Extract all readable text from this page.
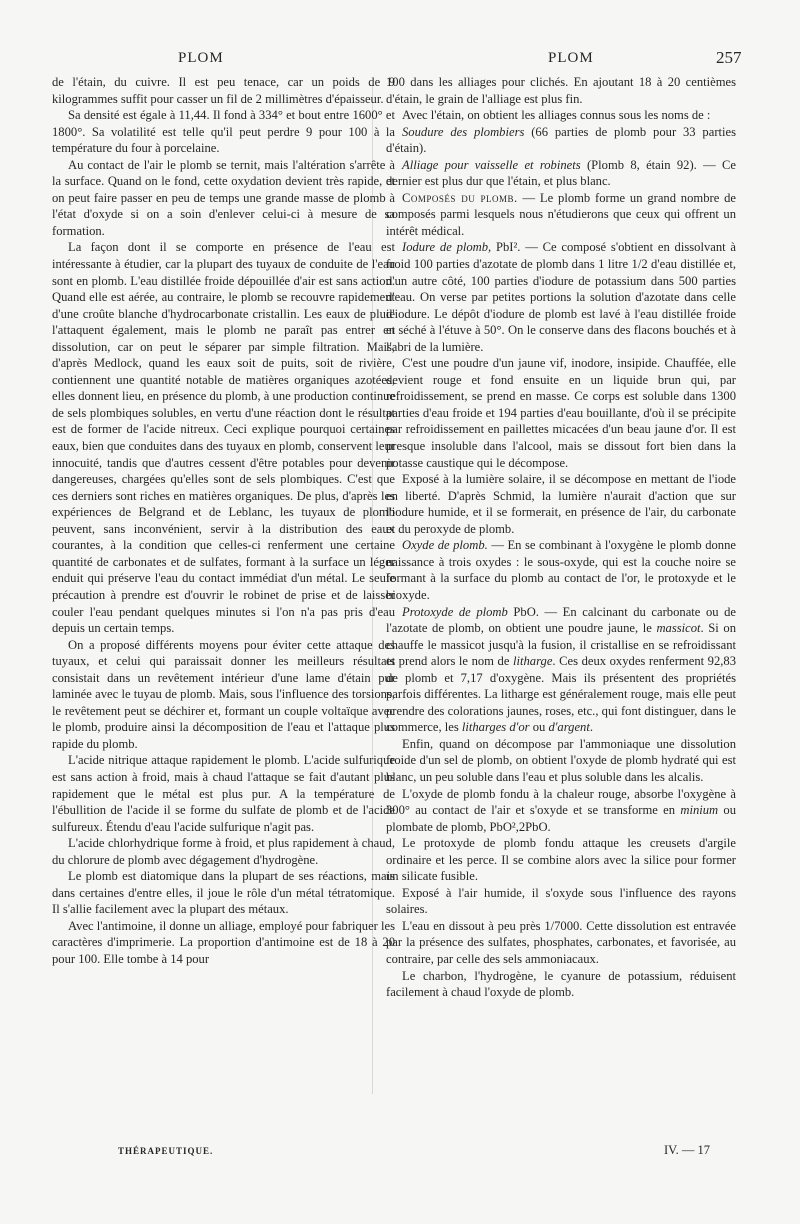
PLOM	PLOM	257

de l'étain, du cuivre. Il est peu tenace, car un poids de 9 kilogrammes suffit pour casser un fil de 2 millimètres d'épaisseur.

Sa densité est égale à 11,44. Il fond à 334° et bout entre 1600° et 1800°. Sa volatilité est telle qu'il peut perdre 9 pour 100 à la température du four à porcelaine.

Au contact de l'air le plomb se ternit, mais l'altération s'arrête à la surface. Quand on le fond, cette oxydation devient très rapide, et on peut faire passer en peu de temps une grande masse de plomb à l'état d'oxyde si on a soin d'enlever celui-ci à mesure de sa formation.

La façon dont il se comporte en présence de l'eau est intéressante à étudier, car la plupart des tuyaux de conduite de l'eau sont en plomb. L'eau distillée froide dépouillée d'air est sans action. Quand elle est aérée, au contraire, le plomb se recouvre rapidement d'une croûte blanche d'hydrocarbonate cristallin. Les eaux de pluie l'attaquent également, mais le plomb ne paraît pas entrer en dissolution, car on peut le séparer par simple filtration. Mais, d'après Medlock, quand les eaux soit de puits, soit de rivière, contiennent une quantité notable de matières organiques azotées, elles donnent lieu, en présence du plomb, à une production continue de sels plombiques solubles, en vertu d'une réaction dont le résultat est de former de l'acide nitreux. Ceci explique pourquoi certaines eaux, bien que conduites dans des tuyaux en plomb, conservent leur innocuité, tandis que d'autres cessent d'être potables pour devenir dangereuses, chargées qu'elles sont de sels plombiques. C'est que ces derniers sont riches en matières organiques. De plus, d'après les expériences de Belgrand et de Leblanc, les tuyaux de plomb peuvent, sans inconvénient, servir à la distribution des eaux courantes, à la condition que celles-ci renferment une certaine quantité de carbonates et de sulfates, formant à la surface un léger enduit qui préserve l'eau du contact immédiat d'un métal. Le seule précaution à prendre est d'ouvrir le robinet de prise et de laisser couler l'eau pendant quelques minutes si l'on n'a pas pris d'eau depuis un certain temps.

On a proposé différents moyens pour éviter cette attaque des tuyaux, et celui qui paraissait donner les meilleurs résultats consistait dans un revêtement intérieur d'une lame d'étain pur laminée avec le tuyau de plomb. Mais, sous l'influence des torsions, le revêtement peut se déchirer et, formant un couple voltaïque avec le plomb, produire ainsi la décomposition de l'eau et l'attaque plus rapide du plomb.

L'acide nitrique attaque rapidement le plomb. L'acide sulfurique est sans action à froid, mais à chaud l'attaque se fait d'autant plus rapidement que le métal est plus pur. A la température de l'ébullition de l'acide il se forme du sulfate de plomb et de l'acide sulfureux. Étendu d'eau l'acide sulfurique n'agit pas.

L'acide chlorhydrique forme à froid, et plus rapidement à chaud, du chlorure de plomb avec dégagement d'hydrogène.

Le plomb est diatomique dans la plupart de ses réactions, mais dans certaines d'entre elles, il joue le rôle d'un métal tétratomique. Il s'allie facilement avec la plupart des métaux.

Avec l'antimoine, il donne un alliage, employé pour fabriquer les caractères d'imprimerie. La proportion d'antimoine est de 18 à 20 pour 100. Elle tombe à 14 pour

100 dans les alliages pour clichés. En ajoutant 18 à 20 centièmes d'étain, le grain de l'alliage est plus fin.

Avec l'étain, on obtient les alliages connus sous les noms de :

Soudure des plombiers (66 parties de plomb pour 33 parties d'étain).

Alliage pour vaisselle et robinets (Plomb 8, étain 92). — Ce dernier est plus dur que l'étain, et plus blanc.

Composés du plomb. — Le plomb forme un grand nombre de composés parmi lesquels nous n'étudierons que ceux qui offrent un intérêt médical.

Iodure de plomb, PbI². — Ce composé s'obtient en dissolvant à froid 100 parties d'azotate de plomb dans 1 litre 1/2 d'eau distillée et, d'un autre côté, 100 parties d'iodure de potassium dans 500 parties d'eau. On verse par petites portions la solution d'azotate dans celle d'iodure. Le dépôt d'iodure de plomb est lavé à l'eau distillée froide et séché à l'étuve à 50°. On le conserve dans des flacons bouchés et à l'abri de la lumière.

C'est une poudre d'un jaune vif, inodore, insipide. Chauffée, elle devient rouge et fond ensuite en un liquide brun qui, par refroidissement, se prend en masse. Ce corps est soluble dans 1300 parties d'eau froide et 194 parties d'eau bouillante, d'où il se précipite par refroidissement en paillettes micacées d'un beau jaune d'or. Il est presque insoluble dans l'alcool, mais se dissout fort bien dans la potasse caustique qui le décompose.

Exposé à la lumière solaire, il se décompose en mettant de l'iode en liberté. D'après Schmid, la lumière n'aurait d'action que sur l'iodure humide, et il se formerait, en présence de l'air, du carbonate et du peroxyde de plomb.

Oxyde de plomb. — En se combinant à l'oxygène le plomb donne naissance à trois oxydes : le sous-oxyde, qui est la couche noire se formant à la surface du plomb au contact de l'or, le protoxyde et le bioxyde.

Protoxyde de plomb PbO. — En calcinant du carbonate ou de l'azotate de plomb, on obtient une poudre jaune, le massicot. Si on chauffe le massicot jusqu'à la fusion, il cristallise en se refroidissant et prend alors le nom de litharge. Ces deux oxydes renferment 92,83 de plomb et 7,17 d'oxygène. Mais ils présentent des propriétés parfois différentes. La litharge est généralement rouge, mais elle peut prendre des colorations jaunes, roses, etc., qui font distinguer, dans le commerce, les litharges d'or ou d'argent.

Enfin, quand on décompose par l'ammoniaque une dissolution froide d'un sel de plomb, on obtient l'oxyde de plomb hydraté qui est blanc, un peu soluble dans l'eau et plus soluble dans les alcalis.

L'oxyde de plomb fondu à la chaleur rouge, absorbe l'oxygène à 300° au contact de l'air et s'oxyde et se transforme en minium ou plombate de plomb, PbO²,2PbO.

Le protoxyde de plomb fondu attaque les creusets d'argile ordinaire et les perce. Il se combine alors avec la silice pour former un silicate fusible.

Exposé à l'air humide, il s'oxyde sous l'influence des rayons solaires.

L'eau en dissout à peu près 1/7000. Cette dissolution est entravée par la présence des sulfates, phosphates, carbonates, et favorisée, au contraire, par celle des sels ammoniacaux.

Le charbon, l'hydrogène, le cyanure de potassium, réduisent facilement à chaud l'oxyde de plomb.

THÉRAPEUTIQUE.	IV. — 17
